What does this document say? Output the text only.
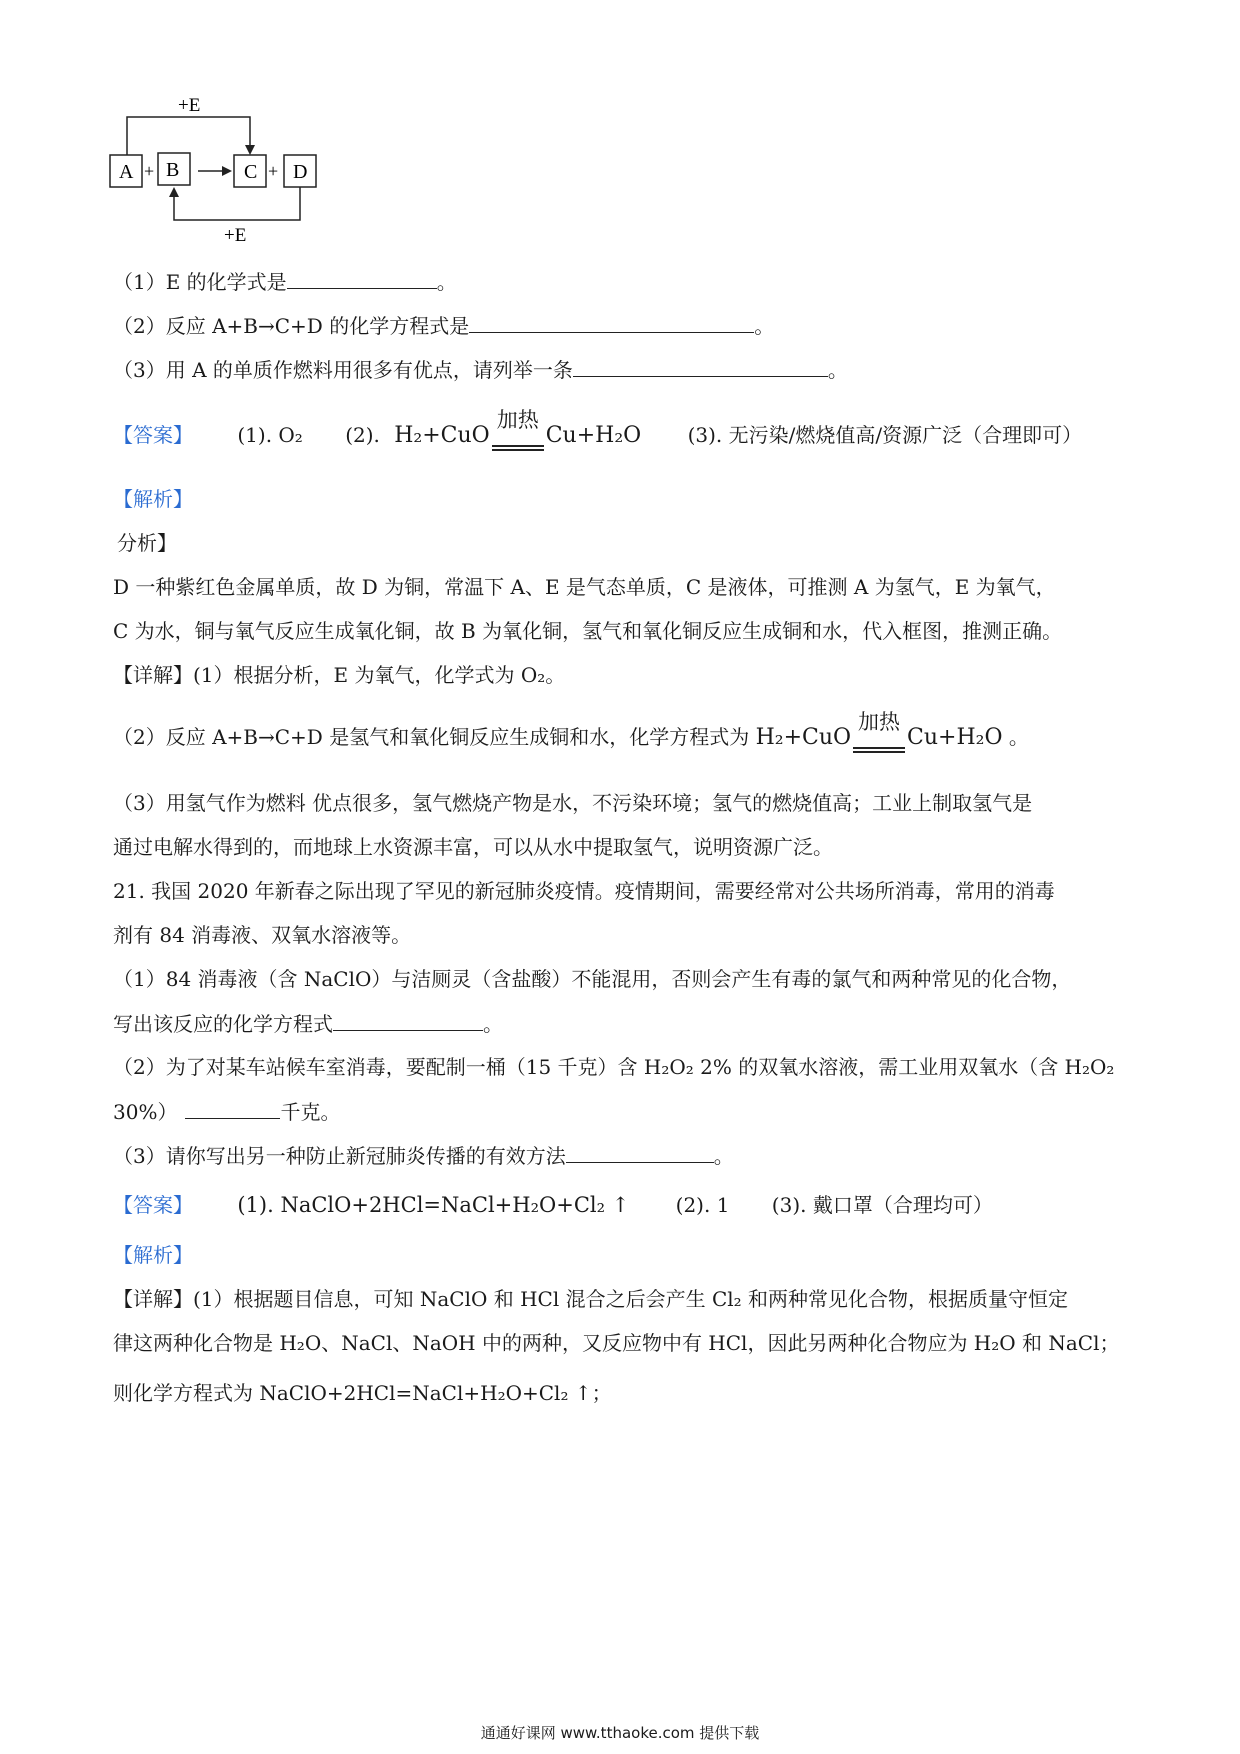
+E
A + B	C + D
+E
（1）E 的化学式是	。
（2）反应 A+B→C+D 的化学方程式是	。
（3）用 A 的单质作燃料用很多有优点，请列举一条	。
【答案】 (1). O₂ (2). H₂+CuO
加热
Cu+H₂O (3). 无污染/燃烧值高/资源广泛（合理即可）
【解析】
分析】
D 一种紫红色金属单质，故 D 为铜，常温下 A、E 是气态单质，C 是液体，可推测 A 为氢气，E 为氧气，
C 为水，铜与氧气反应生成氧化铜，故 B 为氧化铜，氢气和氧化铜反应生成铜和水，代入框图，推测正确。
【详解】(1）根据分析，E 为氧气，化学式为 O₂。
（2）反应 A+B→C+D 是氢气和氧化铜反应生成铜和水，化学方程式为 H₂+CuO
加热
Cu+H₂O 。
（3）用氢气作为燃料 优点很多，氢气燃烧产物是水，不污染环境；氢气的燃烧值高；工业上制取氢气是
通过电解水得到的，而地球上水资源丰富，可以从水中提取氢气，说明资源广泛。
21. 我国 2020 年新春之际出现了罕见的新冠肺炎疫情。疫情期间，需要经常对公共场所消毒，常用的消毒
剂有 84 消毒液、双氧水溶液等。
（1）84 消毒液（含 NaClO）与洁厕灵（含盐酸）不能混用，否则会产生有毒的氯气和两种常见的化合物，
写出该反应的化学方程式	。
（2）为了对某车站候车室消毒，要配制一桶（15 千克）含 H₂O₂ 2% 的双氧水溶液，需工业用双氧水（含 H₂O₂
30%）	千克。
（3）请你写出另一种防止新冠肺炎传播的有效方法	。
【答案】 (1). NaClO+2HCl=NaCl+H₂O+Cl₂ ↑ (2). 1 (3). 戴口罩（合理均可）
【解析】
【详解】(1）根据题目信息，可知 NaClO 和 HCl 混合之后会产生 Cl₂ 和两种常见化合物，根据质量守恒定
律这两种化合物是 H₂O、NaCl、NaOH 中的两种，又反应物中有 HCl，因此另两种化合物应为 H₂O 和 NaCl；
则化学方程式为 NaClO+2HCl=NaCl+H₂O+Cl₂ ↑；
通通好课网 www.tthaoke.com 提供下载
